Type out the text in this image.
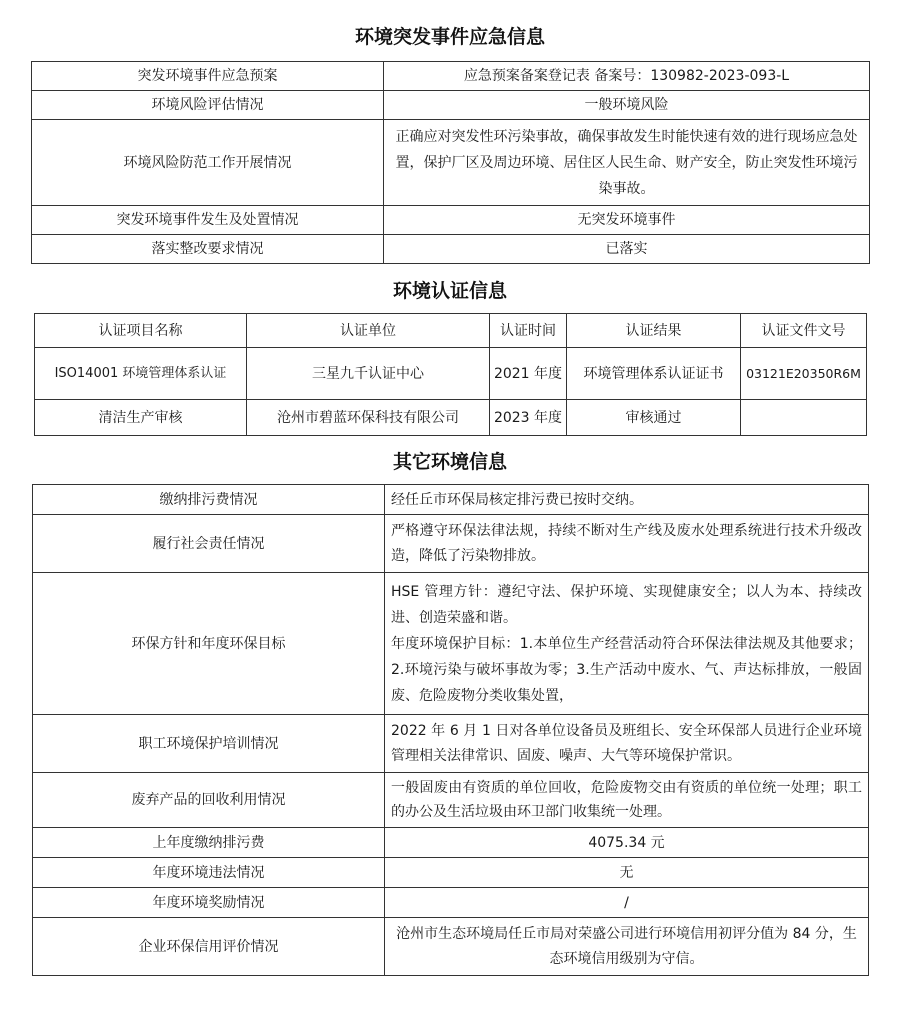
环境突发事件应急信息
突发环境事件应急预案	应急预案备案登记表 备案号：130982-2023-093-L
环境风险评估情况	一般环境风险
环境风险防范工作开展情况	正确应对突发性环污染事故，确保事故发生时能快速有效的进行现场应急处置，保护厂区及周边环境、居住区人民生命、财产安全，防止突发性环境污染事故。
突发环境事件发生及处置情况	无突发环境事件
落实整改要求情况	已落实
环境认证信息
认证项目名称	认证单位	认证时间	认证结果	认证文件文号
ISO14001 环境管理体系认证	三星九千认证中心	2021 年度	环境管理体系认证证书	03121E20350R6M
清洁生产审核	沧州市碧蓝环保科技有限公司	2023 年度	审核通过	
其它环境信息
缴纳排污费情况	经任丘市环保局核定排污费已按时交纳。
履行社会责任情况	严格遵守环保法律法规，持续不断对生产线及废水处理系统进行技术升级改造，降低了污染物排放。
环保方针和年度环保目标	HSE 管理方针：遵纪守法、保护环境、实现健康安全；以人为本、持续改进、创造荣盛和谐。
年度环境保护目标：1.本单位生产经营活动符合环保法律法规及其他要求；2.环境污染与破坏事故为零；3.生产活动中废水、气、声达标排放，一般固废、危险废物分类收集处置，

职工环境保护培训情况	2022 年 6 月 1 日对各单位设备员及班组长、安全环保部人员进行企业环境管理相关法律常识、固废、噪声、大气等环境保护常识。
废弃产品的回收利用情况	一般固废由有资质的单位回收，危险废物交由有资质的单位统一处理；职工的办公及生活垃圾由环卫部门收集统一处理。
上年度缴纳排污费	4075.34 元
年度环境违法情况	无
年度环境奖励情况	/
企业环保信用评价情况	沧州市生态环境局任丘市局对荣盛公司进行环境信用初评分值为 84 分，生态环境信用级别为守信。
